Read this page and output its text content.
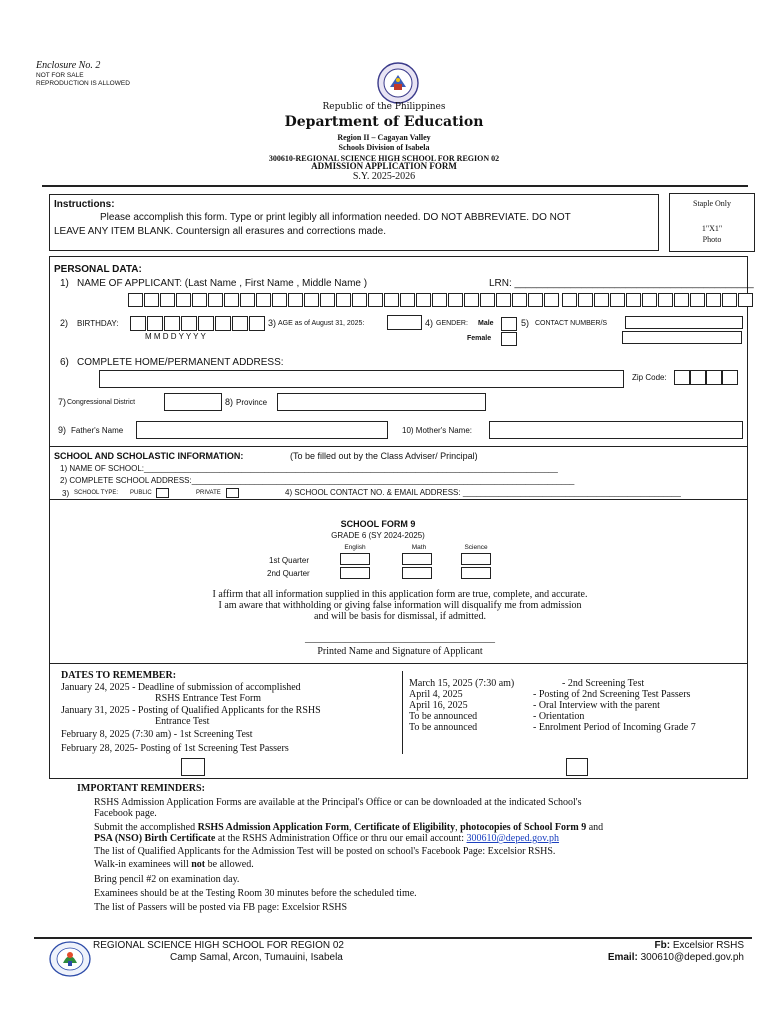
Enclosure No. 2
NOT FOR SALE
REPRODUCTION IS ALLOWED
Republic of the Philippines
Department of Education
Region II – Cagayan Valley
Schools Division of Isabela
300610-REGIONAL SCIENCE HIGH SCHOOL FOR REGION 02
ADMISSION APPLICATION FORM
S.Y. 2025-2026
Instructions:
Please accomplish this form. Type or print legibly all information needed. DO NOT ABBREVIATE. DO NOT
LEAVE ANY ITEM BLANK. Countersign all erasures and corrections made.
Staple Only
1"X1"
Photo
PERSONAL DATA:
1) NAME OF APPLICANT: (Last Name , First Name , Middle Name )	LRN: ___________________________________________
2) BIRTHDAY:
M M D D Y Y Y Y
3) AGE as of August 31, 2025:	4) GENDER: Male
Female
5) CONTACT NUMBER/S
6) COMPLETE HOME/PERMANENT ADDRESS:
Zip Code:
7) Congressional District	8) Province
9) Father's Name	10) Mother's Name:
SCHOOL AND SCHOLASTIC INFORMATION:	(To be filled out by the Class Adviser/ Principal)
1) NAME OF SCHOOL:_____________________________________________________________________________________________
2) COMPLETE SCHOOL ADDRESS:______________________________________________________________________________________
3) SCHOOL TYPE: PUBLIC	PRIVATE	4) SCHOOL CONTACT NO. & EMAIL ADDRESS: _________________________________________________
SCHOOL FORM 9
GRADE 6 (SY 2024-2025)
English	Math	Science
1st Quarter
2nd Quarter
I affirm that all information supplied in this application form are true, complete, and accurate.
I am aware that withholding or giving false information will disqualify me from admission
and will be basis for dismissal, if admitted.
______________________________________
Printed Name and Signature of Applicant
DATES TO REMEMBER:
January 24, 2025 - Deadline of submission of accomplished
RSHS Entrance Test Form
January 31, 2025 - Posting of Qualified Applicants for the RSHS
Entrance Test
February 8, 2025 (7:30 am) - 1st Screening Test
February 28, 2025- Posting of 1st Screening Test Passers
March 15, 2025 (7:30 am)	- 2nd Screening Test
April 4, 2025	- Posting of 2nd Screening Test Passers
April 16, 2025	- Oral Interview with the parent
To be announced	- Orientation
To be announced	- Enrolment Period of Incoming Grade 7
IMPORTANT REMINDERS:
RSHS Admission Application Forms are available at the Principal's Office or can be downloaded at the indicated School's
Facebook page.
Submit the accomplished RSHS Admission Application Form, Certificate of Eligibility, photocopies of School Form 9 and
PSA (NSO) Birth Certificate at the RSHS Administration Office or thru our email account: 300610@deped.gov.ph
The list of Qualified Applicants for the Admission Test will be posted on school's Facebook Page: Excelsior RSHS.
Walk-in examinees will not be allowed.
Bring pencil #2 on examination day.
Examinees should be at the Testing Room 30 minutes before the scheduled time.
The list of Passers will be posted via FB page: Excelsior RSHS
REGIONAL SCIENCE HIGH SCHOOL FOR REGION 02
Camp Samal, Arcon, Tumauini, Isabela
Fb: Excelsior RSHS
Email: 300610@deped.gov.ph
